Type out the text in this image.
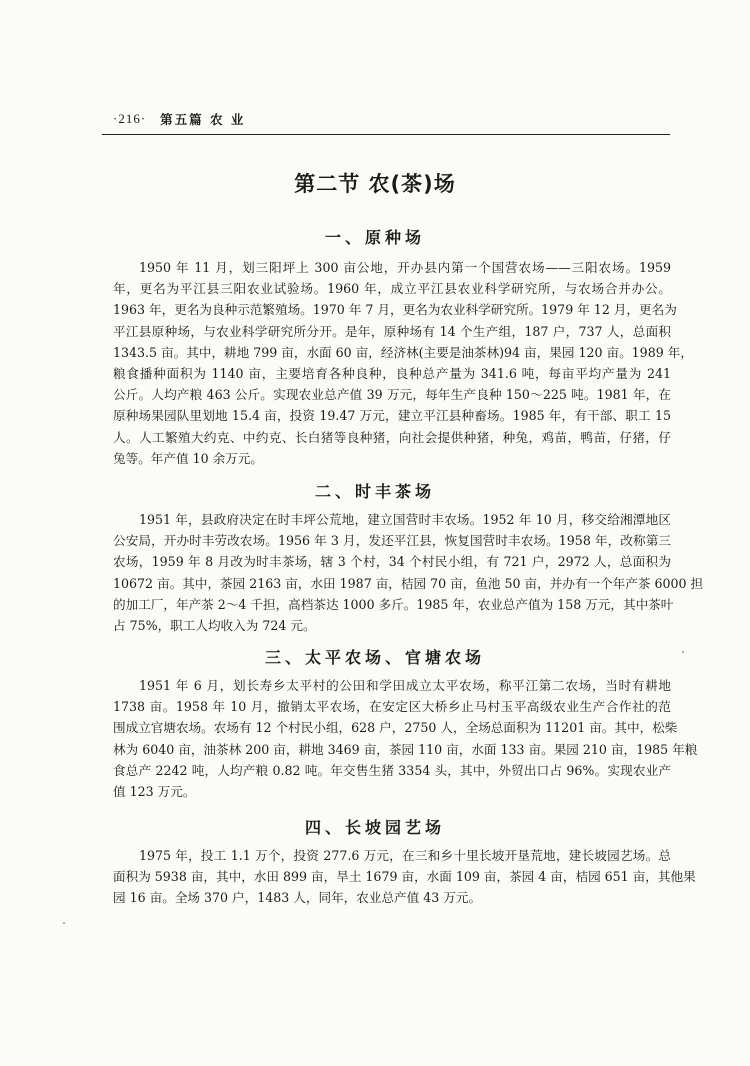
·216· 第五篇 农 业
第二节 农(茶)场
一、原种场
1950 年 11 月，划三阳坪上 300 亩公地，开办县内第一个国营农场——三阳农场。1959
年，更名为平江县三阳农业试验场。1960 年，成立平江县农业科学研究所，与农场合并办公。
1963 年，更名为良种示范繁殖场。1970 年 7 月，更名为农业科学研究所。1979 年 12 月，更名为
平江县原种场，与农业科学研究所分开。是年，原种场有 14 个生产组，187 户，737 人，总面积
1343.5 亩。其中，耕地 799 亩，水面 60 亩，经济林(主要是油茶林)94 亩，果园 120 亩。1989 年，
粮食播种面积为 1140 亩，主要培育各种良种，良种总产量为 341.6 吨，每亩平均产量为 241
公斤。人均产粮 463 公斤。实现农业总产值 39 万元，每年生产良种 150～225 吨。1981 年，在
原种场果园队里划地 15.4 亩，投资 19.47 万元，建立平江县种畜场。1985 年，有干部、职工 15
人。人工繁殖大约克、中约克、长白猪等良种猪，向社会提供种猪，种兔，鸡苗，鸭苗，仔猪，仔
兔等。年产值 10 余万元。
二、时丰茶场
1951 年，县政府决定在时丰坪公荒地，建立国营时丰农场。1952 年 10 月，移交给湘潭地区
公安局，开办时丰劳改农场。1956 年 3 月，发还平江县，恢复国营时丰农场。1958 年，改称第三
农场，1959 年 8 月改为时丰茶场，辖 3 个村，34 个村民小组，有 721 户，2972 人，总面积为
10672 亩。其中，茶园 2163 亩，水田 1987 亩，桔园 70 亩，鱼池 50 亩，并办有一个年产茶 6000 担
的加工厂，年产茶 2～4 千担，高档茶达 1000 多斤。1985 年，农业总产值为 158 万元，其中茶叶
占 75%，职工人均收入为 724 元。
三、太平农场、官塘农场
1951 年 6 月，划长寿乡太平村的公田和学田成立太平农场，称平江第二农场，当时有耕地
1738 亩。1958 年 10 月，撤销太平农场，在安定区大桥乡止马村玉平高级农业生产合作社的范
围成立官塘农场。农场有 12 个村民小组，628 户，2750 人，全场总面积为 11201 亩。其中，松柴
林为 6040 亩，油茶林 200 亩，耕地 3469 亩，茶园 110 亩，水面 133 亩。果园 210 亩，1985 年粮
食总产 2242 吨，人均产粮 0.82 吨。年交售生猪 3354 头，其中，外贸出口占 96%。实现农业产
值 123 万元。
四、长坡园艺场
1975 年，投工 1.1 万个，投资 277.6 万元，在三和乡十里长坡开垦荒地，建长坡园艺场。总
面积为 5938 亩，其中，水田 899 亩，旱土 1679 亩，水面 109 亩，茶园 4 亩，桔园 651 亩，其他果
园 16 亩。全场 370 户，1483 人，同年，农业总产值 43 万元。
